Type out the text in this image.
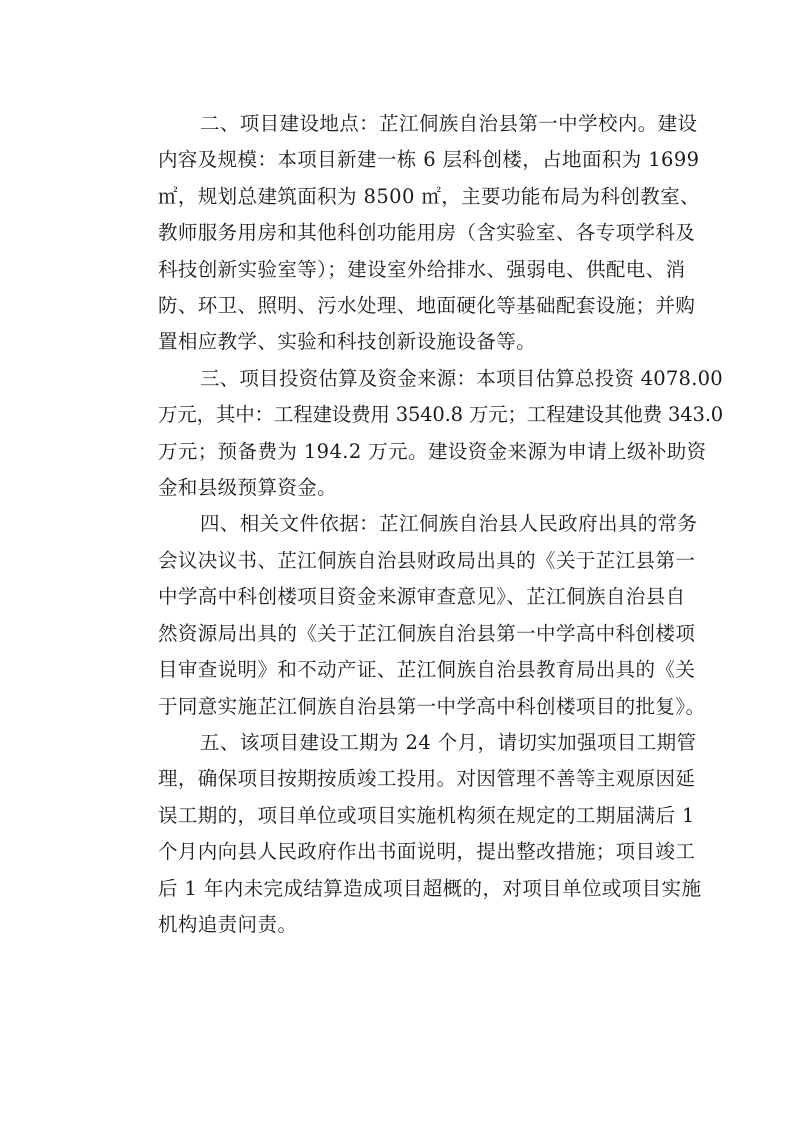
二、项目建设地点：芷江侗族自治县第一中学校内。建设
内容及规模：本项目新建一栋 6 层科创楼，占地面积为 1699
㎡，规划总建筑面积为 8500 ㎡，主要功能布局为科创教室、
教师服务用房和其他科创功能用房（含实验室、各专项学科及
科技创新实验室等）；建设室外给排水、强弱电、供配电、消
防、环卫、照明、污水处理、地面硬化等基础配套设施；并购
置相应教学、实验和科技创新设施设备等。
三、项目投资估算及资金来源：本项目估算总投资 4078.00
万元，其中：工程建设费用 3540.8 万元；工程建设其他费 343.0
万元；预备费为 194.2 万元。建设资金来源为申请上级补助资
金和县级预算资金。
四、相关文件依据：芷江侗族自治县人民政府出具的常务
会议决议书、芷江侗族自治县财政局出具的《关于芷江县第一
中学高中科创楼项目资金来源审查意见》、芷江侗族自治县自
然资源局出具的《关于芷江侗族自治县第一中学高中科创楼项
目审查说明》和不动产证、芷江侗族自治县教育局出具的《关
于同意实施芷江侗族自治县第一中学高中科创楼项目的批复》。
五、该项目建设工期为 24 个月，请切实加强项目工期管
理，确保项目按期按质竣工投用。对因管理不善等主观原因延
误工期的，项目单位或项目实施机构须在规定的工期届满后 1
个月内向县人民政府作出书面说明，提出整改措施；项目竣工
后 1 年内未完成结算造成项目超概的，对项目单位或项目实施
机构追责问责。
